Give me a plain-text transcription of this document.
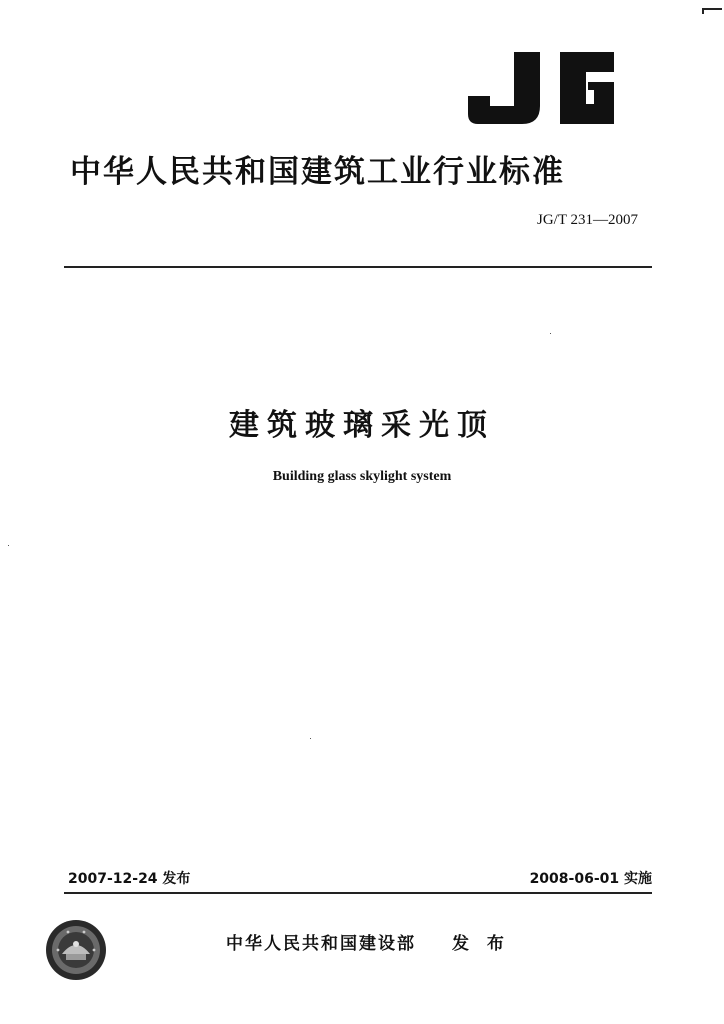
中华人民共和国建筑工业行业标准
JG/T 231—2007
建筑玻璃采光顶
Building glass skylight system
2007-12-24 发布	2008-06-01 实施
中华人民共和国建设部 发 布
